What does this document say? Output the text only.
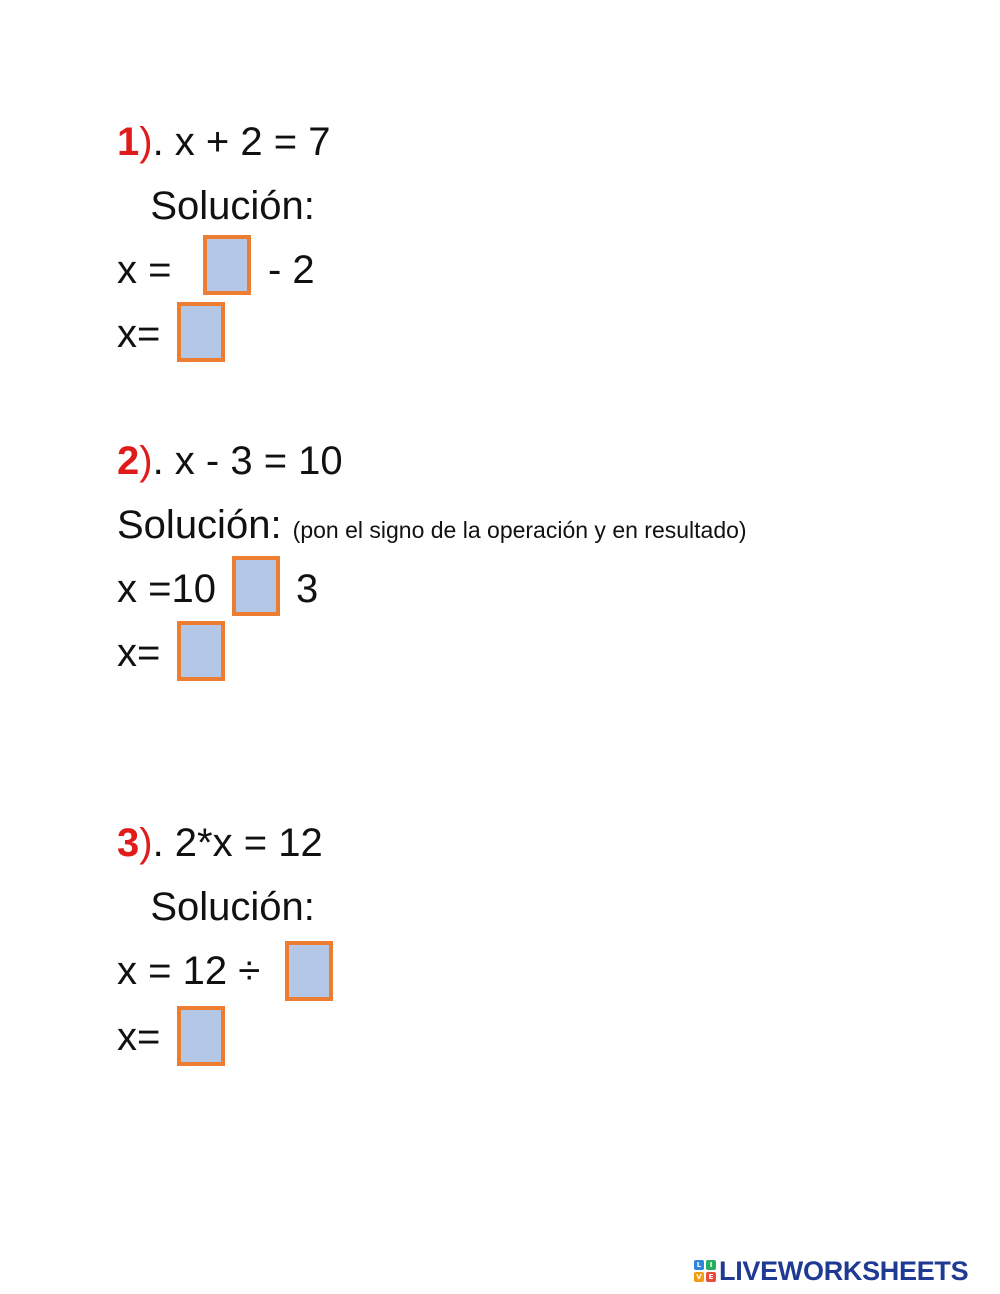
1). x + 2 = 7
Solución:
x = - 2
x=
2). x - 3 = 10
Solución: (pon el signo de la operación y en resultado)
x =10 3
x=
3). 2*x = 12
Solución:
x = 12 ÷
x=
L	I
V E LIVEWORKSHEETS
